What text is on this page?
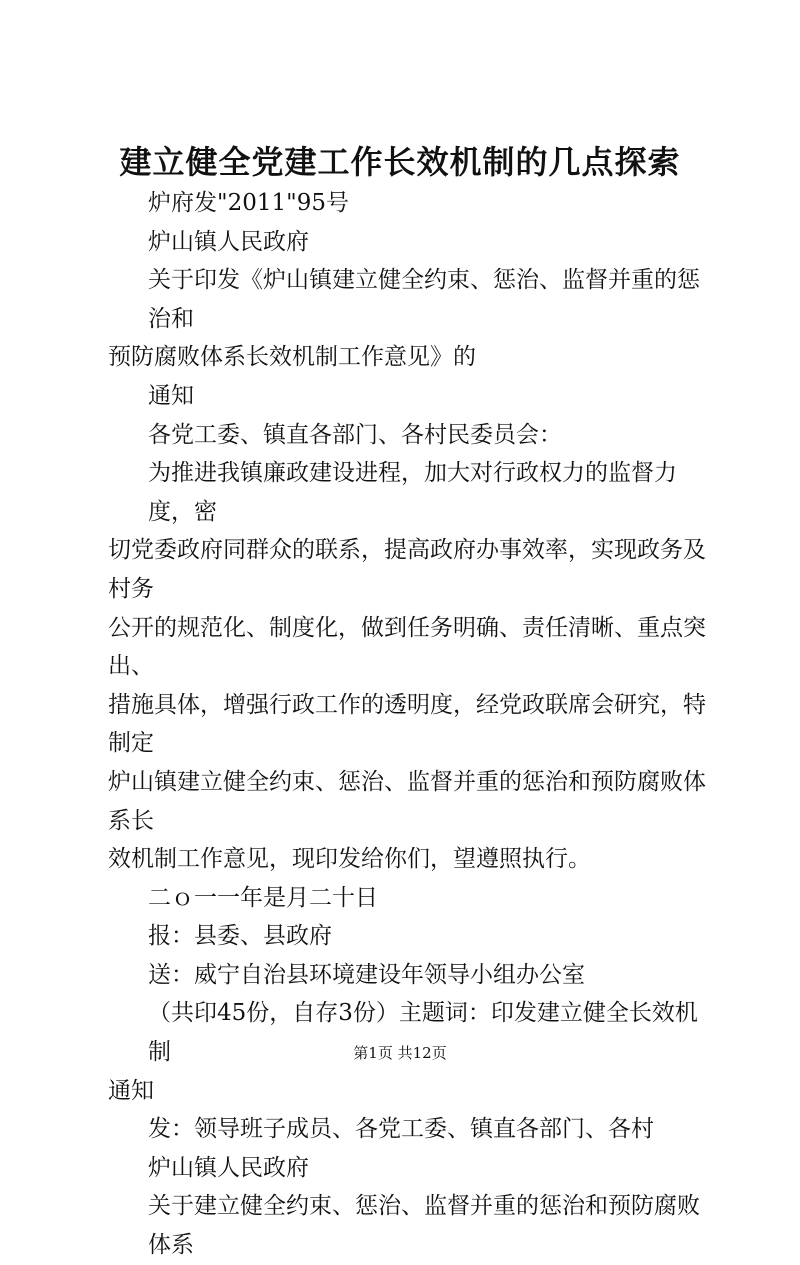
建立健全党建工作长效机制的几点探索

炉府发"2011"95号

炉山镇人民政府

关于印发《炉山镇建立健全约束、惩治、监督并重的惩治和

预防腐败体系长效机制工作意见》的

通知

各党工委、镇直各部门、各村民委员会：

为推进我镇廉政建设进程，加大对行政权力的监督力度，密

切党委政府同群众的联系，提高政府办事效率，实现政务及村务

公开的规范化、制度化，做到任务明确、责任清晰、重点突出、

措施具体，增强行政工作的透明度，经党政联席会研究，特制定

炉山镇建立健全约束、惩治、监督并重的惩治和预防腐败体系长

效机制工作意见，现印发给你们，望遵照执行。

二ｏ一一年是月二十日

报：县委、县政府

送：威宁自治县环境建设年领导小组办公室

（共印45份，自存3份）主题词：印发建立健全长效机制

通知

发：领导班子成员、各党工委、镇直各部门、各村

炉山镇人民政府

关于建立健全约束、惩治、监督并重的惩治和预防腐败体系

第1页 共12页
